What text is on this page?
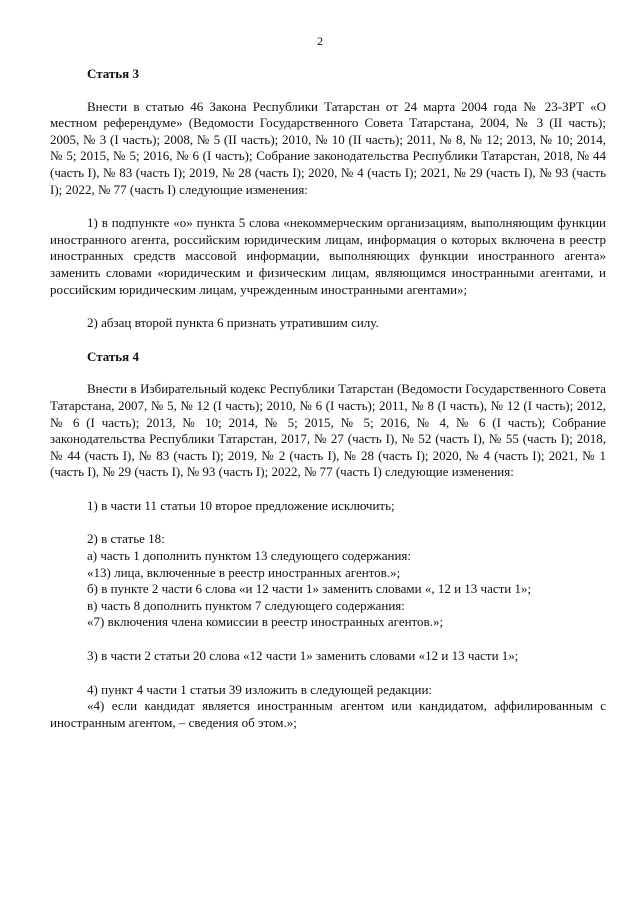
2

Статья 3

Внести в статью 46 Закона Республики Татарстан от 24 марта 2004 года № 23-ЗРТ «О местном референдуме» (Ведомости Государственного Совета Татарстана, 2004, № 3 (II часть); 2005, № 3 (I часть); 2008, № 5 (II часть); 2010, № 10 (II часть); 2011, № 8, № 12; 2013, № 10; 2014, № 5; 2015, № 5; 2016, № 6 (I часть); Собрание законодательства Республики Татарстан, 2018, № 44 (часть I), № 83 (часть I); 2019, № 28 (часть I); 2020, № 4 (часть I); 2021, № 29 (часть I), № 93 (часть I); 2022, № 77 (часть I) следующие изменения:

1) в подпункте «о» пункта 5 слова «некоммерческим организациям, выполняющим функции иностранного агента, российским юридическим лицам, информация о которых включена в реестр иностранных средств массовой информации, выполняющих функции иностранного агента» заменить словами «юридическим и физическим лицам, являющимся иностранными агентами, и российским юридическим лицам, учрежденным иностранными агентами»;

2) абзац второй пункта 6 признать утратившим силу.

Статья 4

Внести в Избирательный кодекс Республики Татарстан (Ведомости Государственного Совета Татарстана, 2007, № 5, № 12 (I часть); 2010, № 6 (I часть); 2011, № 8 (I часть), № 12 (I часть); 2012, № 6 (I часть); 2013, № 10; 2014, № 5; 2015, № 5; 2016, № 4, № 6 (I часть); Собрание законодательства Республики Татарстан, 2017, № 27 (часть I), № 52 (часть I), № 55 (часть I); 2018, № 44 (часть I), № 83 (часть I); 2019, № 2 (часть I), № 28 (часть I); 2020, № 4 (часть I); 2021, № 1 (часть I), № 29 (часть I), № 93 (часть I); 2022, № 77 (часть I) следующие изменения:

1) в части 11 статьи 10 второе предложение исключить;

2) в статье 18:

а) часть 1 дополнить пунктом 13 следующего содержания:

«13) лица, включенные в реестр иностранных агентов.»;

б) в пункте 2 части 6 слова «и 12 части 1» заменить словами «, 12 и 13 части 1»;

в) часть 8 дополнить пунктом 7 следующего содержания:

«7) включения члена комиссии в реестр иностранных агентов.»;

3) в части 2 статьи 20 слова «12 части 1» заменить словами «12 и 13 части 1»;

4) пункт 4 части 1 статьи 39 изложить в следующей редакции:

«4) если кандидат является иностранным агентом или кандидатом, аффилированным с иностранным агентом, – сведения об этом.»;
